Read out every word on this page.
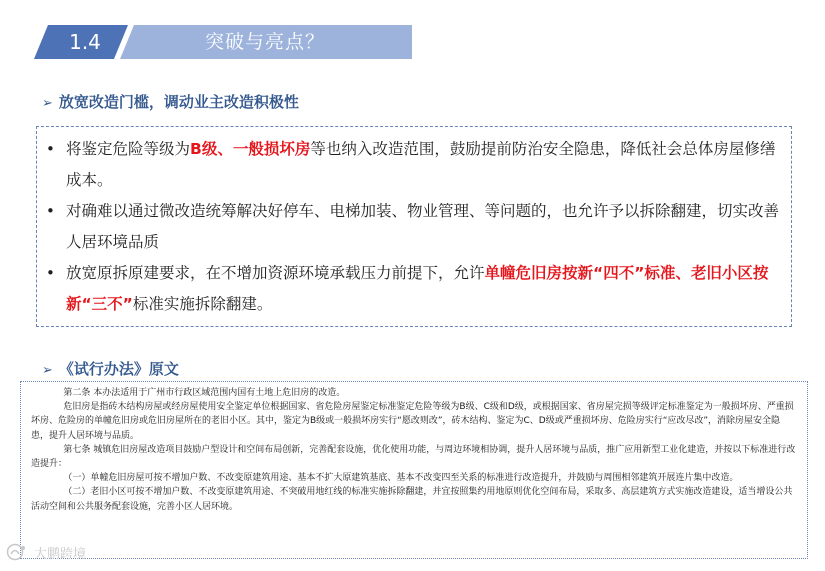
1.4	突破与亮点？
➢ 放宽改造门槛，调动业主改造积极性
• 将鉴定危险等级为B级、一般损坏房等也纳入改造范围，鼓励提前防治安全隐患，降低社会总体房屋修缮成本。
• 对确难以通过微改造统筹解决好停车、电梯加装、物业管理、等问题的，也允许予以拆除翻建，切实改善人居环境品质
• 放宽原拆原建要求，在不增加资源环境承载压力前提下，允许单幢危旧房按新“四不”标准、老旧小区按新“三不”标准实施拆除翻建。
➢ 《试行办法》原文

第二条 本办法适用于广州市行政区域范围内国有土地上危旧房的改造。

危旧房是指砖木结构房屋或经房屋使用安全鉴定单位根据国家、省危险房屋鉴定标准鉴定危险等级为B级、C级和D级，或根据国家、省房屋完损等级评定标准鉴定为一般损坏房、严重损坏房、危险房的单幢危旧房或危旧房屋所在的老旧小区。其中，鉴定为B级或一般损坏房实行“愿改则改”，砖木结构、鉴定为C、D级或严重损坏房、危险房实行“应改尽改”，消除房屋安全隐患，提升人居环境与品质。

第七条 城镇危旧房屋改造项目鼓励户型设计和空间布局创新，完善配套设施，优化使用功能，与周边环境相协调，提升人居环境与品质，推广应用新型工业化建造，并按以下标准进行改造提升：

（一）单幢危旧房屋可按不增加户数、不改变原建筑用途、基本不扩大原建筑基底、基本不改变四至关系的标准进行改造提升，并鼓励与周围相邻建筑开展连片集中改造。

（二）老旧小区可按不增加户数、不改变原建筑用途、不突破用地红线的标准实施拆除翻建，并宜按照集约用地原则优化空间布局，采取多、高层建筑方式实施改造建设，适当增设公共活动空间和公共服务配套设施，完善小区人居环境。

大鹏跨境
